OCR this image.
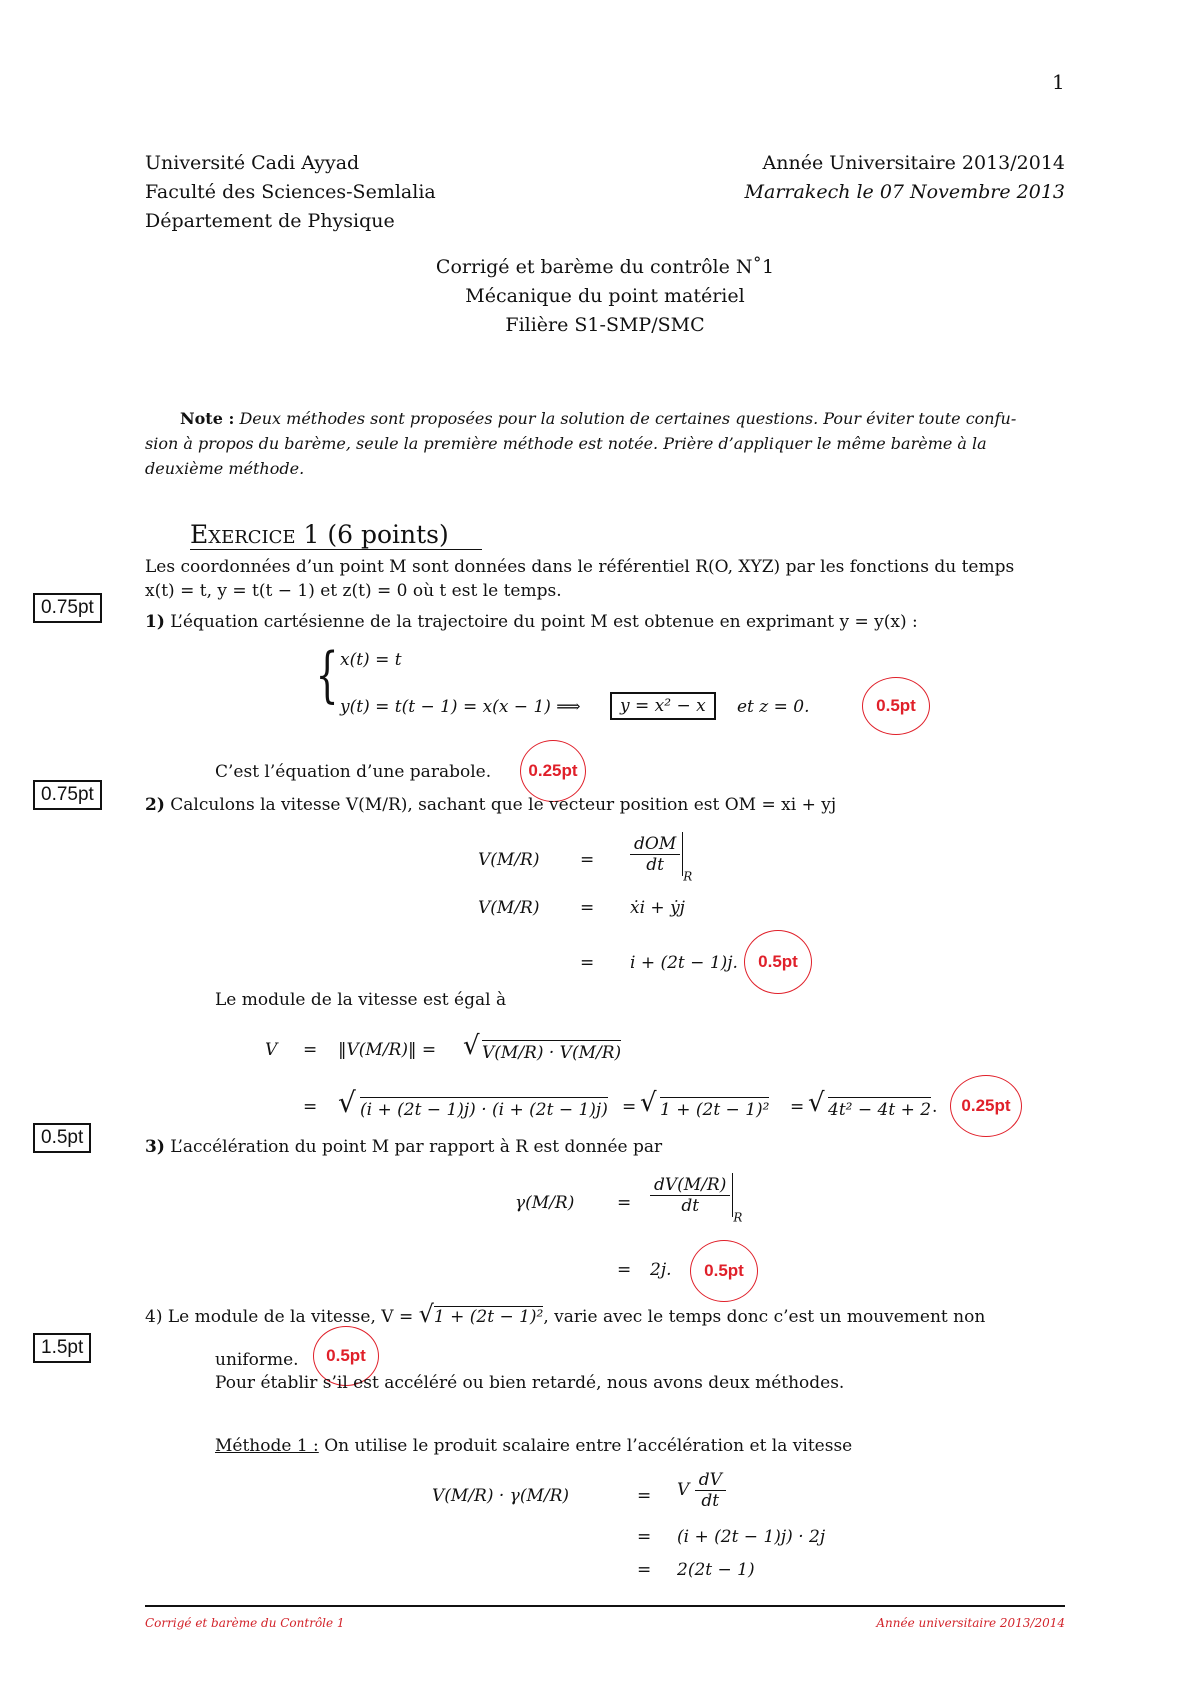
1
Université Cadi Ayyad
Faculté des Sciences-Semlalia
Département de Physique
Année Universitaire 2013/2014
Marrakech le 07 Novembre 2013
Corrigé et barème du contrôle N˚1
Mécanique du point matériel
Filière S1-SMP/SMC
Note : Deux méthodes sont proposées pour la solution de certaines questions. Pour éviter toute confu-
sion à propos du barème, seule la première méthode est notée. Prière d’appliquer le même barème à la
deuxième méthode.
Exercice 1 (6 points)
Les coordonnées d’un point M sont données dans le référentiel R(O, XYZ) par les fonctions du temps
x(t) = t, y = t(t − 1) et z(t) = 0 où t est le temps.
0.75pt
0.75pt
0.5pt
1.5pt
1) L’équation cartésienne de la trajectoire du point M est obtenue en exprimant y = y(x) :
{ x(t) = t
y(t) = t(t − 1) = x(x − 1) ⟹	y = x² − x	et z = 0.	0.5pt
C’est l’équation d’une parabole.	0.25pt
2) Calculons la vitesse V(M/R), sachant que le vecteur position est OM = xi + yj
$V(M/R) = \frac{\text{dOM}}{dt}$
$_R$
V(M/R) = ẋi + ẏj
= i + (2t − 1)j.	0.5pt
Le module de la vitesse est égal à
V = ‖V(M/R)‖ = √ V(M/R) · V(M/R)
= √ (i + (2t − 1)j) · (i + (2t − 1)j) = √ 1 + (2t − 1)² = √ 4t² − 4t + 2 .	0.25pt
3) L’accélération du point M par rapport à R est donnée par
γ(M/R)	= $\frac{dV(M/R)}{dt}$
$_R$
= 2j.	0.5pt
4) Le module de la vitesse, V = √1 + (2t − 1)², varie avec le temps donc c’est un mouvement non
uniforme.	0.5pt
Pour établir s’il est accéléré ou bien retardé, nous avons deux méthodes.
Méthode 1 : On utilise le produit scalaire entre l’accélération et la vitesse
V(M/R) · γ(M/R)	= V $\frac{dV}{dt}$
= (i + (2t − 1)j) · 2j
= 2(2t − 1)
Corrigé et barème du Contrôle 1	Année universitaire 2013/2014
